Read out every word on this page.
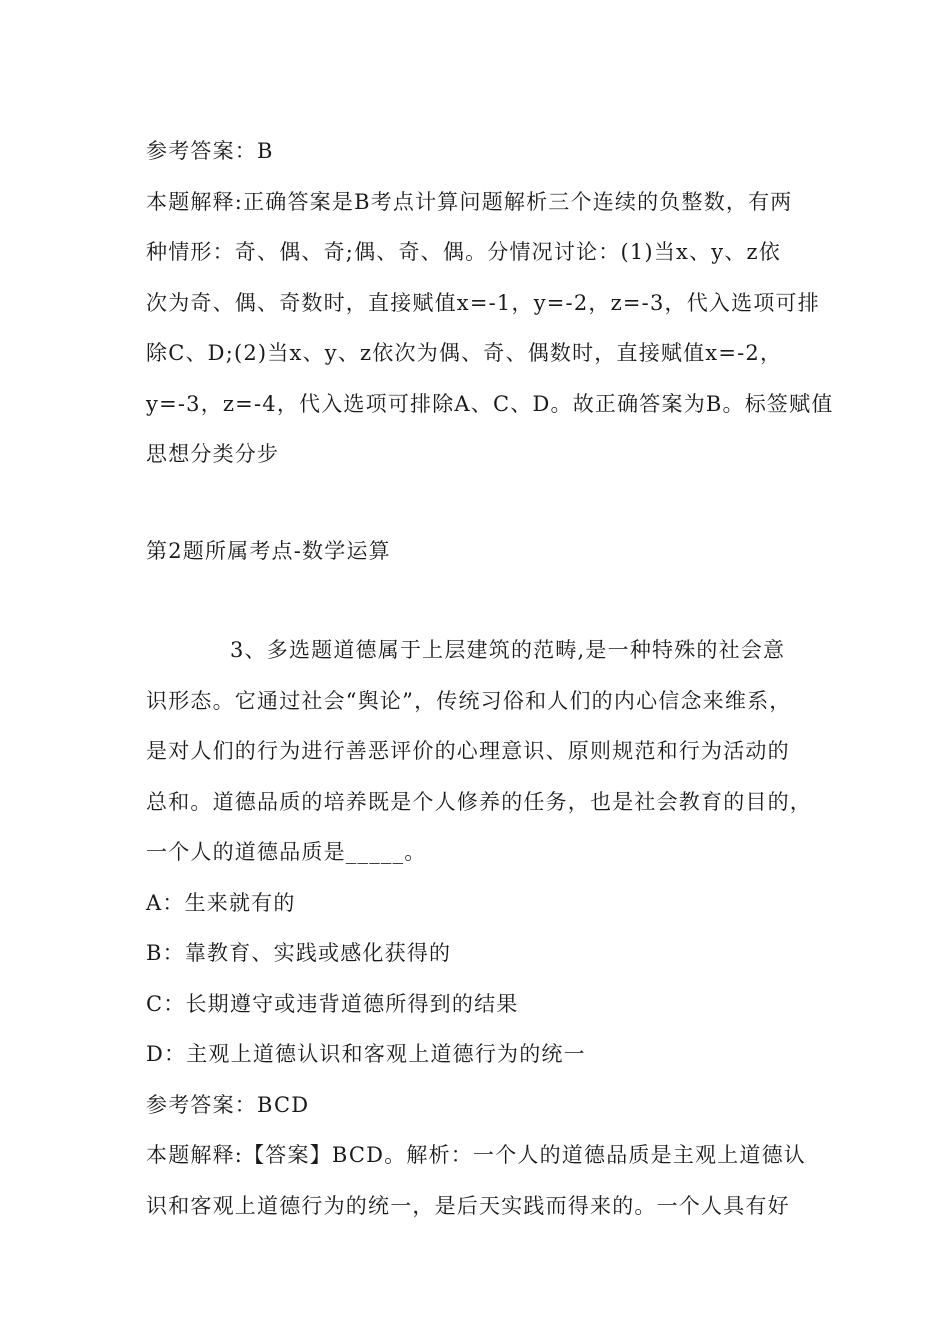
参考答案：B
本题解释:正确答案是B考点计算问题解析三个连续的负整数，有两
种情形：奇、偶、奇;偶、奇、偶。分情况讨论：(1)当x、y、z依
次为奇、偶、奇数时，直接赋值x=-1，y=-2，z=-3，代入选项可排
除C、D;(2)当x、y、z依次为偶、奇、偶数时，直接赋值x=-2，
y=-3，z=-4，代入选项可排除A、C、D。故正确答案为B。标签赋值
思想分类分步
第2题所属考点-数学运算
3、多选题道德属于上层建筑的范畴,是一种特殊的社会意
识形态。它通过社会“舆论”，传统习俗和人们的内心信念来维系，
是对人们的行为进行善恶评价的心理意识、原则规范和行为活动的
总和。道德品质的培养既是个人修养的任务，也是社会教育的目的，
一个人的道德品质是_____。
A：生来就有的
B：靠教育、实践或感化获得的
C：长期遵守或违背道德所得到的结果
D：主观上道德认识和客观上道德行为的统一
参考答案：BCD
本题解释:【答案】BCD。解析：一个人的道德品质是主观上道德认
识和客观上道德行为的统一，是后天实践而得来的。一个人具有好
